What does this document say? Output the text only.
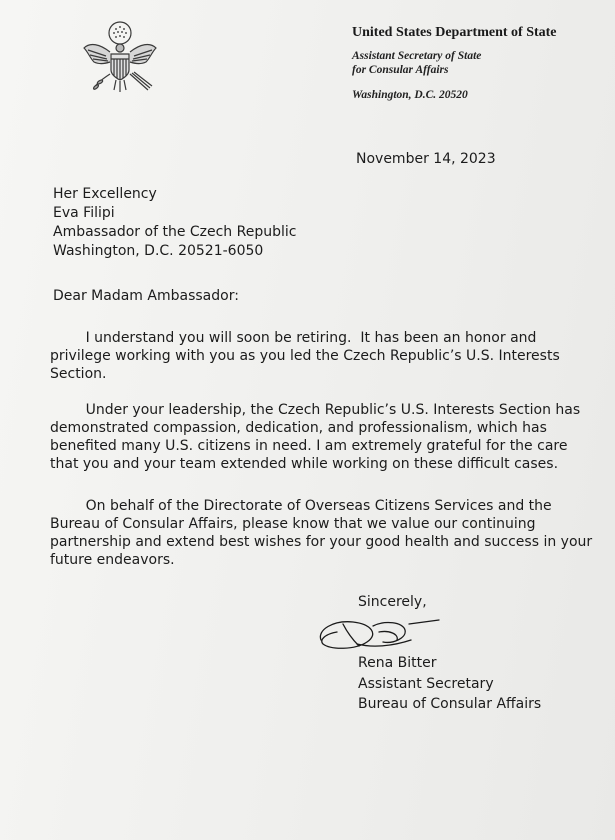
United States Department of State
Assistant Secretary of State
for Consular Affairs
Washington, D.C. 20520
November 14, 2023
Her Excellency
Eva Filipi
Ambassador of the Czech Republic
Washington, D.C. 20521-6050
Dear Madam Ambassador:
I understand you will soon be retiring.  It has been an honor and
privilege working with you as you led the Czech Republic’s U.S. Interests
Section.
Under your leadership, the Czech Republic’s U.S. Interests Section has
demonstrated compassion, dedication, and professionalism, which has
benefited many U.S. citizens in need. I am extremely grateful for the care
that you and your team extended while working on these difficult cases.
On behalf of the Directorate of Overseas Citizens Services and the
Bureau of Consular Affairs, please know that we value our continuing
partnership and extend best wishes for your good health and success in your
future endeavors.
Sincerely,
Rena Bitter
Assistant Secretary
Bureau of Consular Affairs
